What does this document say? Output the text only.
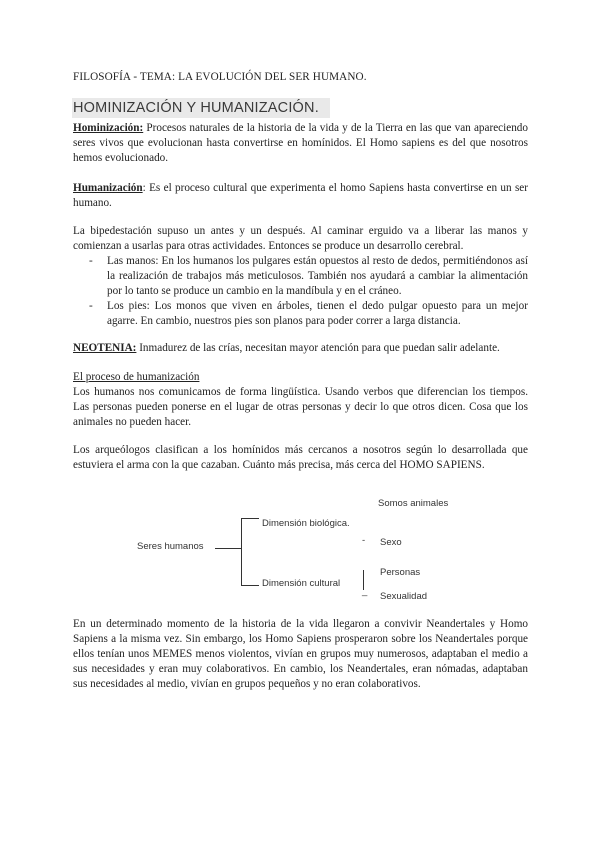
FILOSOFÍA - TEMA: LA EVOLUCIÓN DEL SER HUMANO.
HOMINIZACIÓN Y HUMANIZACIÓN.

Hominización: Procesos naturales de la historia de la vida y de la Tierra en las que van apareciendo seres vivos que evolucionan hasta convertirse en homínidos. El Homo sapiens es del que nosotros hemos evolucionado.

Humanización: Es el proceso cultural que experimenta el homo Sapiens hasta convertirse en un ser humano.

La bipedestación supuso un antes y un después. Al caminar erguido va a liberar las manos y comienzan a usarlas para otras actividades. Entonces se produce un desarrollo cerebral.

- Las manos: En los humanos los pulgares están opuestos al resto de dedos, permitiéndonos así la realización de trabajos más meticulosos. También nos ayudará a cambiar la alimentación por lo tanto se produce un cambio en la mandíbula y en el cráneo.
- Los pies: Los monos que viven en árboles, tienen el dedo pulgar opuesto para un mejor agarre. En cambio, nuestros pies son planos para poder correr a larga distancia.

NEOTENIA: Inmadurez de las crías, necesitan mayor atención para que puedan salir adelante.

El proceso de humanización

Los humanos nos comunicamos de forma lingüística. Usando verbos que diferencian los tiempos. Las personas pueden ponerse en el lugar de otras personas y decir lo que otros dicen. Cosa que los animales no pueden hacer.

Los arqueólogos clasifican a los homínidos más cercanos a nosotros según lo desarrollada que estuviera el arma con la que cazaban. Cuánto más precisa, más cerca del HOMO SAPIENS.

Seres humanos
Dimensión biológica.
Dimensión cultural
Somos animales
- Sexo
Personas
_ Sexualidad

En un determinado momento de la historia de la vida llegaron a convivir Neandertales y Homo Sapiens a la misma vez. Sin embargo, los Homo Sapiens prosperaron sobre los Neandertales porque ellos tenían unos MEMES menos violentos, vivían en grupos muy numerosos, adaptaban el medio a sus necesidades y eran muy colaborativos. En cambio, los Neandertales, eran nómadas, adaptaban sus necesidades al medio, vivían en grupos pequeños y no eran colaborativos.
